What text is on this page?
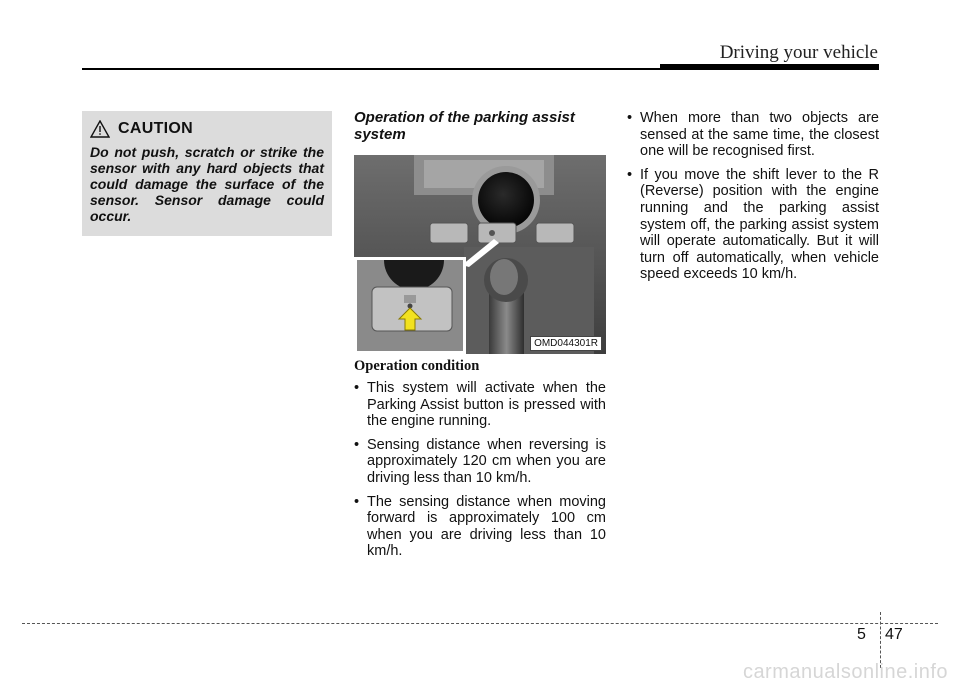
Driving your vehicle
CAUTION
Do not push, scratch or strike the sensor with any hard objects that could damage the surface of the sensor. Sensor damage could occur.

Operation of the parking assist system

OMD044301R
Operation condition
• This system will activate when the Parking Assist button is pressed with the engine running.
• Sensing distance when reversing is approximately 120 cm when you are driving less than 10 km/h.
• The sensing distance when moving forward is approximately 100 cm when you are driving less than 10 km/h.
• When more than two objects are sensed at the same time, the closest one will be recognised first.
• If you move the shift lever to the R (Reverse) position with the engine running and the parking assist system off, the parking assist system will operate automatically. But it will turn off automatically, when vehicle speed exceeds 10 km/h.
5 47
carmanualsonline.info
